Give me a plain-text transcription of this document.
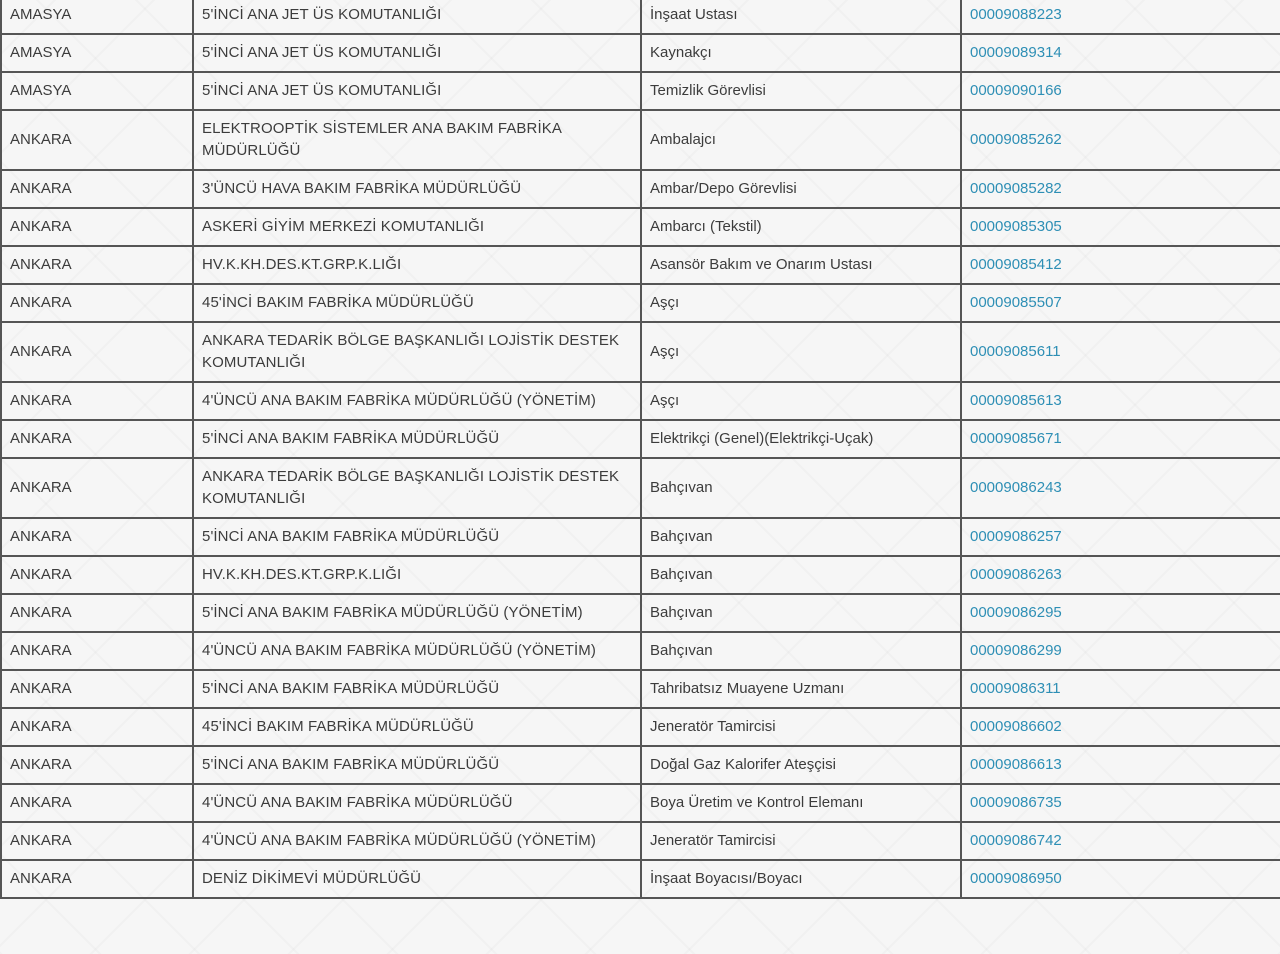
AMASYA	5'İNCİ ANA JET ÜS KOMUTANLIĞI	İnşaat Ustası	00009088223
AMASYA	5'İNCİ ANA JET ÜS KOMUTANLIĞI	Kaynakçı	00009089314
AMASYA	5'İNCİ ANA JET ÜS KOMUTANLIĞI	Temizlik Görevlisi	00009090166
ANKARA	ELEKTROOPTİK SİSTEMLER ANA BAKIM FABRİKA MÜDÜRLÜĞÜ	Ambalajcı	00009085262
ANKARA	3'ÜNCÜ HAVA BAKIM FABRİKA MÜDÜRLÜĞÜ	Ambar/Depo Görevlisi	00009085282
ANKARA	ASKERİ GİYİM MERKEZİ KOMUTANLIĞI	Ambarcı (Tekstil)	00009085305
ANKARA	HV.K.KH.DES.KT.GRP.K.LIĞI	Asansör Bakım ve Onarım Ustası	00009085412
ANKARA	45'İNCİ BAKIM FABRİKA MÜDÜRLÜĞÜ	Aşçı	00009085507
ANKARA	ANKARA TEDARİK BÖLGE BAŞKANLIĞI LOJİSTİK DESTEK KOMUTANLIĞI	Aşçı	00009085611
ANKARA	4'ÜNCÜ ANA BAKIM FABRİKA MÜDÜRLÜĞÜ (YÖNETİM)	Aşçı	00009085613
ANKARA	5'İNCİ ANA BAKIM FABRİKA MÜDÜRLÜĞÜ	Elektrikçi (Genel)(Elektrikçi-Uçak)	00009085671
ANKARA	ANKARA TEDARİK BÖLGE BAŞKANLIĞI LOJİSTİK DESTEK KOMUTANLIĞI	Bahçıvan	00009086243
ANKARA	5'İNCİ ANA BAKIM FABRİKA MÜDÜRLÜĞÜ	Bahçıvan	00009086257
ANKARA	HV.K.KH.DES.KT.GRP.K.LIĞI	Bahçıvan	00009086263
ANKARA	5'İNCİ ANA BAKIM FABRİKA MÜDÜRLÜĞÜ (YÖNETİM)	Bahçıvan	00009086295
ANKARA	4'ÜNCÜ ANA BAKIM FABRİKA MÜDÜRLÜĞÜ (YÖNETİM)	Bahçıvan	00009086299
ANKARA	5'İNCİ ANA BAKIM FABRİKA MÜDÜRLÜĞÜ	Tahribatsız Muayene Uzmanı	00009086311
ANKARA	45'İNCİ BAKIM FABRİKA MÜDÜRLÜĞÜ	Jeneratör Tamircisi	00009086602
ANKARA	5'İNCİ ANA BAKIM FABRİKA MÜDÜRLÜĞÜ	Doğal Gaz Kalorifer Ateşçisi	00009086613
ANKARA	4'ÜNCÜ ANA BAKIM FABRİKA MÜDÜRLÜĞÜ	Boya Üretim ve Kontrol Elemanı	00009086735
ANKARA	4'ÜNCÜ ANA BAKIM FABRİKA MÜDÜRLÜĞÜ (YÖNETİM)	Jeneratör Tamircisi	00009086742
ANKARA	DENİZ DİKİMEVİ MÜDÜRLÜĞÜ	İnşaat Boyacısı/Boyacı	00009086950
